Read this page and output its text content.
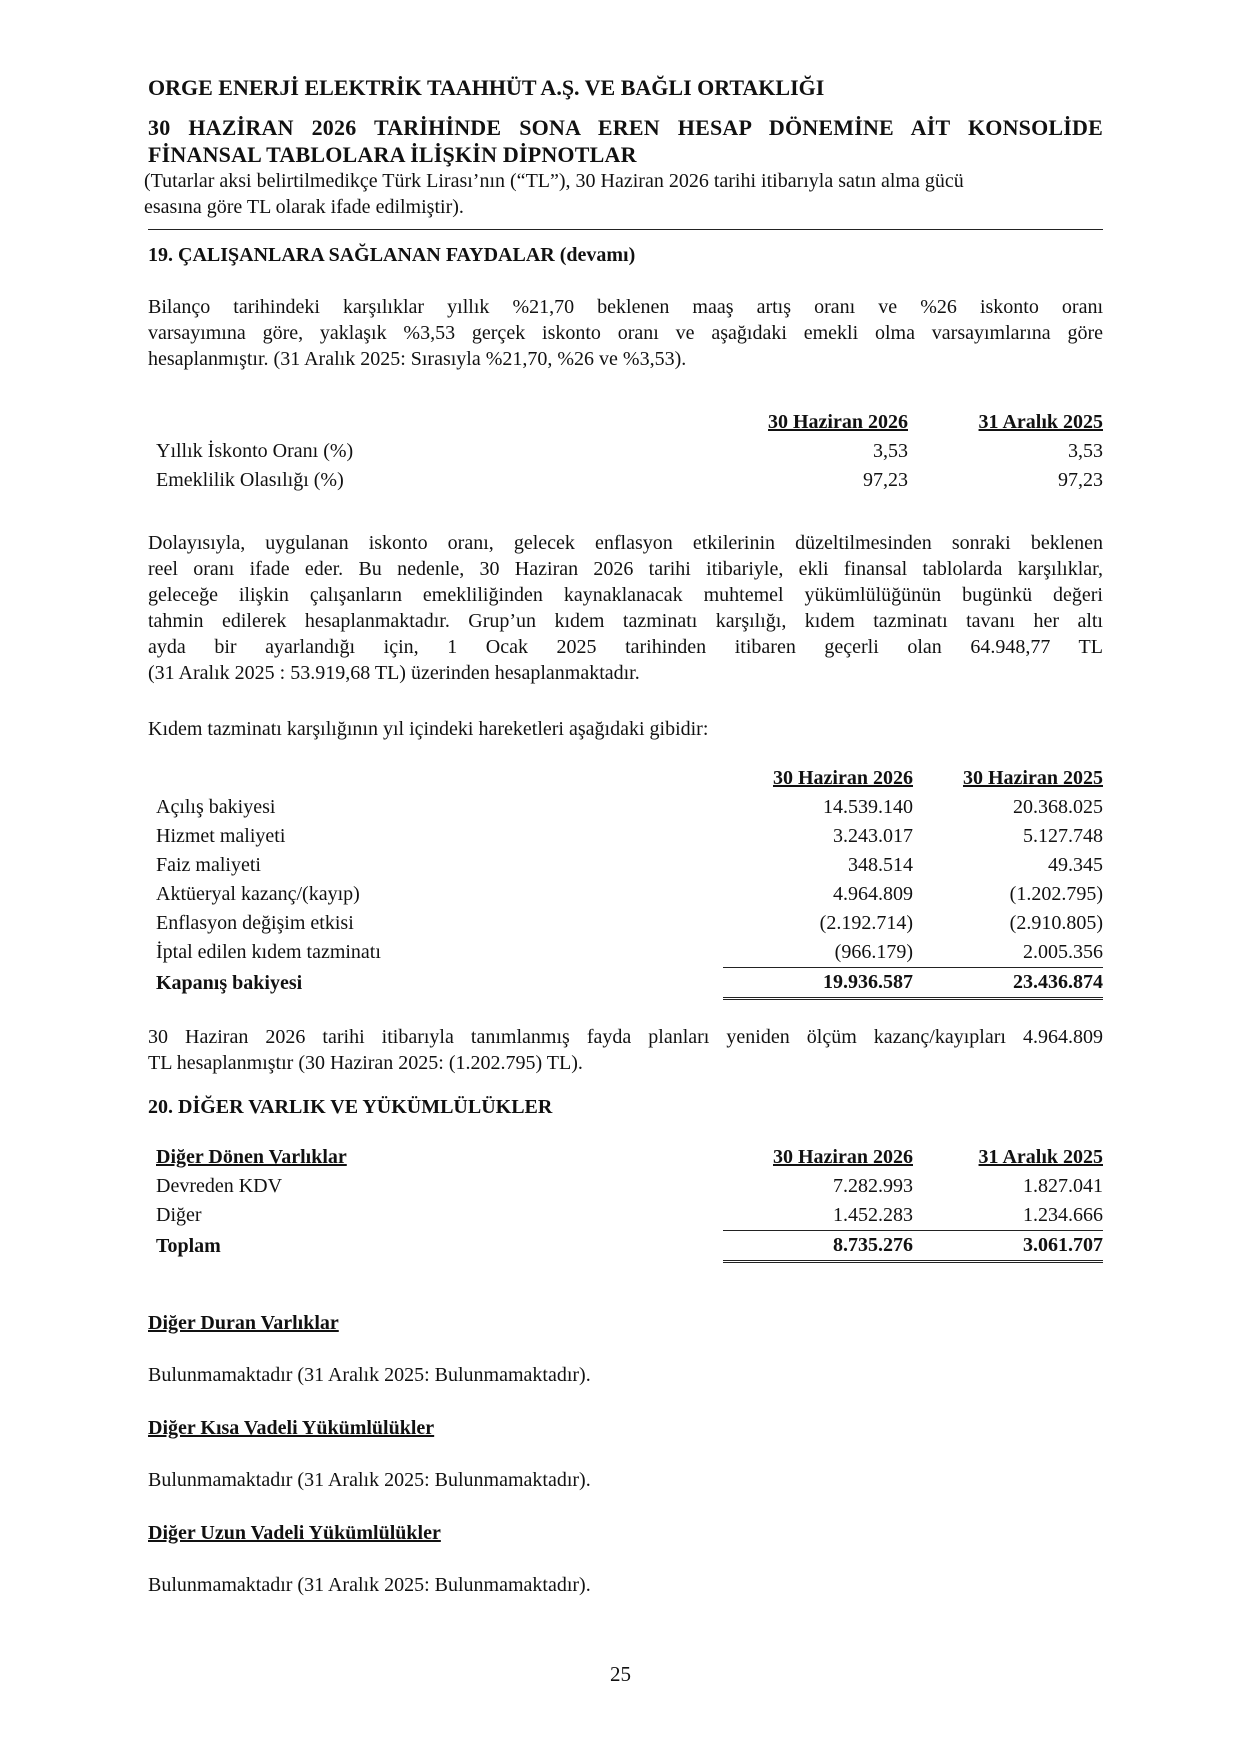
ORGE ENERJİ ELEKTRİK TAAHHÜT A.Ş. VE BAĞLI ORTAKLIĞI
30 HAZİRAN 2026 TARİHİNDE SONA EREN HESAP DÖNEMİNE AİT KONSOLİDE
FİNANSAL TABLOLARA İLİŞKİN DİPNOTLAR
(Tutarlar aksi belirtilmedikçe Türk Lirası’nın (“TL”), 30 Haziran 2026 tarihi itibarıyla satın alma gücü
esasına göre TL olarak ifade edilmiştir).
19. ÇALIŞANLARA SAĞLANAN FAYDALAR (devamı)
Bilanço tarihindeki karşılıklar yıllık %21,70 beklenen maaş artış oranı ve %26 iskonto oranı
varsayımına göre, yaklaşık %3,53 gerçek iskonto oranı ve aşağıdaki emekli olma varsayımlarına göre
hesaplanmıştır. (31 Aralık 2025: Sırasıyla %21,70, %26 ve %3,53).
	30 Haziran 2026	31 Aralık 2025
Yıllık İskonto Oranı (%)	3,53	3,53
Emeklilik Olasılığı (%)	97,23	97,23
Dolayısıyla, uygulanan iskonto oranı, gelecek enflasyon etkilerinin düzeltilmesinden sonraki beklenen
reel oranı ifade eder. Bu nedenle, 30 Haziran 2026 tarihi itibariyle, ekli finansal tablolarda karşılıklar,
geleceğe ilişkin çalışanların emekliliğinden kaynaklanacak muhtemel yükümlülüğünün bugünkü değeri
tahmin edilerek hesaplanmaktadır. Grup’un kıdem tazminatı karşılığı, kıdem tazminatı tavanı her altı
ayda bir ayarlandığı için, 1 Ocak 2025 tarihinden itibaren geçerli olan 64.948,77 TL
(31 Aralık 2025 : 53.919,68 TL) üzerinden hesaplanmaktadır.
Kıdem tazminatı karşılığının yıl içindeki hareketleri aşağıdaki gibidir:
	30 Haziran 2026	30 Haziran 2025
Açılış bakiyesi	14.539.140	20.368.025
Hizmet maliyeti	3.243.017	5.127.748
Faiz maliyeti	348.514	49.345
Aktüeryal kazanç/(kayıp)	4.964.809	(1.202.795)
Enflasyon değişim etkisi	(2.192.714)	(2.910.805)
İptal edilen kıdem tazminatı	(966.179)	2.005.356
Kapanış bakiyesi	19.936.587	23.436.874
30 Haziran 2026 tarihi itibarıyla tanımlanmış fayda planları yeniden ölçüm kazanç/kayıpları 4.964.809
TL hesaplanmıştır (30 Haziran 2025: (1.202.795) TL).
20. DİĞER VARLIK VE YÜKÜMLÜLÜKLER
Diğer Dönen Varlıklar	30 Haziran 2026	31 Aralık 2025
Devreden KDV	7.282.993	1.827.041
Diğer	1.452.283	1.234.666
Toplam	8.735.276	3.061.707
Diğer Duran Varlıklar
Bulunmamaktadır (31 Aralık 2025: Bulunmamaktadır).
Diğer Kısa Vadeli Yükümlülükler
Bulunmamaktadır (31 Aralık 2025: Bulunmamaktadır).
Diğer Uzun Vadeli Yükümlülükler
Bulunmamaktadır (31 Aralık 2025: Bulunmamaktadır).
25
